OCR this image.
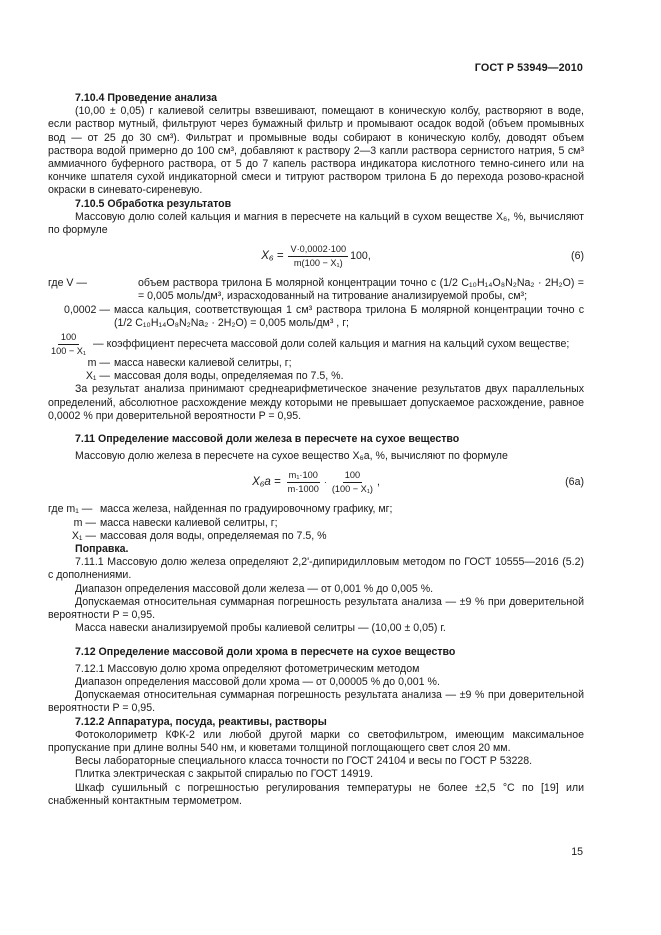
ГОСТ Р 53949—2010

7.10.4 Проведение анализа

(10,00 ± 0,05) г калиевой селитры взвешивают, помещают в коническую колбу, растворяют в воде, если раствор мутный, фильтруют через бумажный фильтр и промывают осадок водой (объем промывных вод — от 25 до 30 см³). Фильтрат и промывные воды собирают в коническую колбу, доводят объем раствора водой примерно до 100 см³, добавляют к раствору 2—3 капли раствора сернистого натрия, 5 см³ аммиачного буферного раствора, от 5 до 7 капель раствора индикатора кислотного темно-синего или на кончике шпателя сухой индикаторной смеси и титруют раствором трилона Б до перехода розово-красной окраски в синевато-сиреневую.

7.10.5 Обработка результатов

Массовую долю солей кальция и магния в пересчете на кальций в сухом веществе X₆, %, вычисляют по формуле

$X_6 = \frac{V\cdot 0,0002\cdot 100}{\text{m(100 − X₁)}} 100$,	(6)
где V —	объем раствора трилона Б молярной концентрации точно c (1/2 C₁₀H₁₄O₈N₂Na₂ · 2H₂O) = = 0,005 моль/дм³, израсходованный на титрование анализируемой пробы, см³;
0,0002 — масса кальция, соответствующая 1 см³ раствора трилона Б молярной концентрации точно c (1/2 C₁₀H₁₄O₈N₂Na₂ · 2H₂O) = 0,005 моль/дм³ , г;
$\frac{100}{\text{100 − X₁}}$ — коэффициент пересчета массовой доли солей кальция и магния на кальций сухом веществе;
m — масса навески калиевой селитры, г;
X₁ — массовая доля воды, определяемая по 7.5, %.

За результат анализа принимают среднеарифметическое значение результатов двух параллельных определений, абсолютное расхождение между которыми не превышает допускаемое расхождение, равное 0,0002 % при доверительной вероятности P = 0,95.

7.11 Определение массовой доли железа в пересчете на сухое вещество

Массовую долю железа в пересчете на сухое вещество X₆а, %, вычисляют по формуле

$X_6а = \frac{\text{m₁·100}}{m\cdot 1000} \cdot \frac{100}{\text{(100 − X₁)}}$ ,	(6а)
где m₁ — масса железа, найденная по градуировочному графику, мг;
m — масса навески калиевой селитры, г;
X₁ — массовая доля воды, определяемая по 7.5, %

Поправка.

7.11.1 Массовую долю железа определяют 2,2'-дипиридилловым методом по ГОСТ 10555—2016 (5.2) с дополнениями.

Диапазон определения массовой доли железа — от 0,001 % до 0,005 %.

Допускаемая относительная суммарная погрешность результата анализа — ±9 % при доверительной вероятности P = 0,95.

Масса навески анализируемой пробы калиевой селитры — (10,00 ± 0,05) г.

7.12 Определение массовой доли хрома в пересчете на сухое вещество

7.12.1 Массовую долю хрома определяют фотометрическим методом

Диапазон определения массовой доли хрома — от 0,00005 % до 0,001 %.

Допускаемая относительная суммарная погрешность результата анализа — ±9 % при доверительной вероятности P = 0,95.

7.12.2 Аппаратура, посуда, реактивы, растворы

Фотоколориметр КФК-2 или любой другой марки со светофильтром, имеющим максимальное пропускание при длине волны 540 нм, и кюветами толщиной поглощающего свет слоя 20 мм.

Весы лабораторные специального класса точности по ГОСТ 24104 и весы по ГОСТ Р 53228.

Плитка электрическая с закрытой спиралью по ГОСТ 14919.

Шкаф сушильный с погрешностью регулирования температуры не более ±2,5 °С по [19] или снабженный контактным термометром.

15
